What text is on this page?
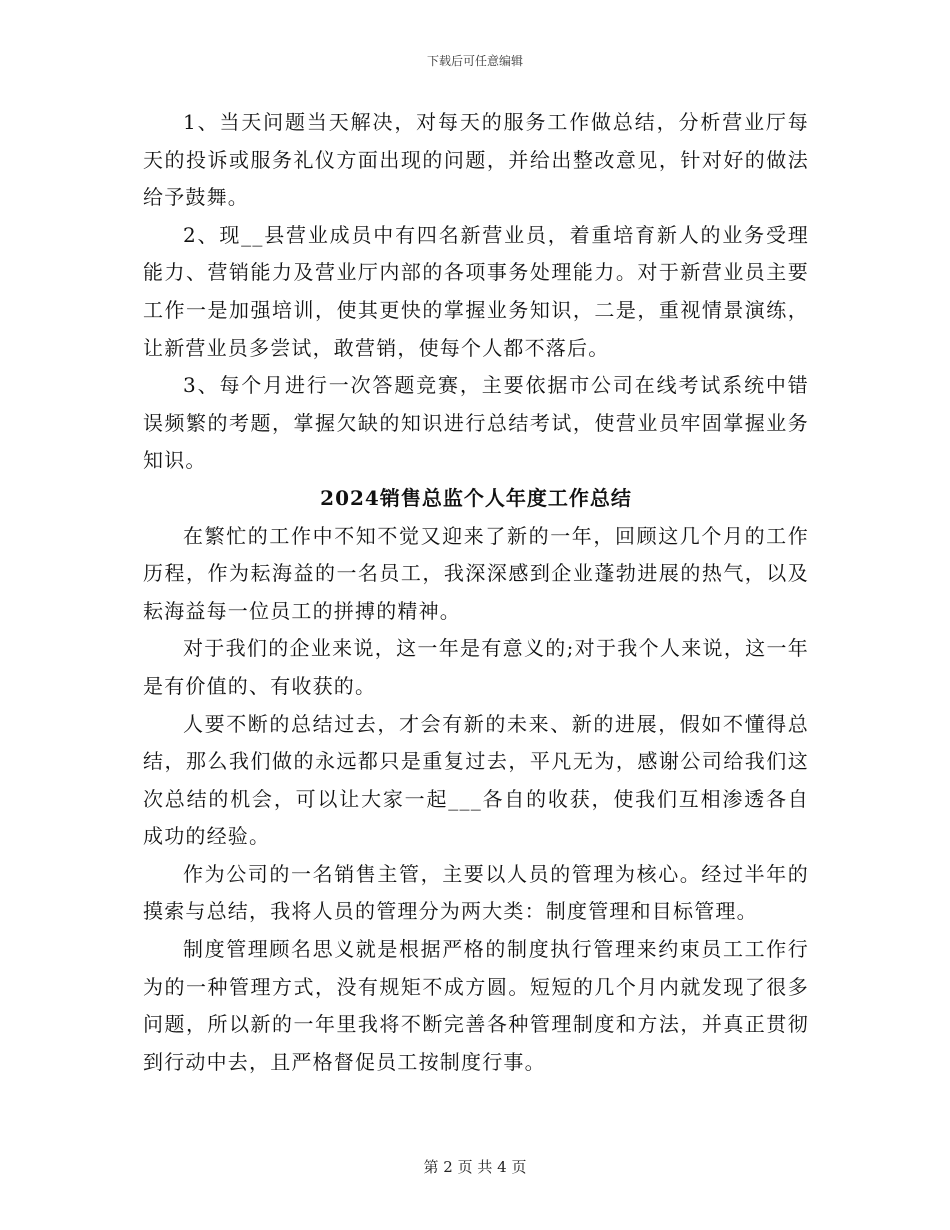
下载后可任意编辑

1、当天问题当天解决，对每天的服务工作做总结，分析营业厅每天的投诉或服务礼仪方面出现的问题，并给出整改意见，针对好的做法给予鼓舞。

2、现__县营业成员中有四名新营业员，着重培育新人的业务受理能力、营销能力及营业厅内部的各项事务处理能力。对于新营业员主要工作一是加强培训，使其更快的掌握业务知识，二是，重视情景演练，让新营业员多尝试，敢营销，使每个人都不落后。

3、每个月进行一次答题竞赛，主要依据市公司在线考试系统中错误频繁的考题，掌握欠缺的知识进行总结考试，使营业员牢固掌握业务知识。

2024销售总监个人年度工作总结

在繁忙的工作中不知不觉又迎来了新的一年，回顾这几个月的工作历程，作为耘海益的一名员工，我深深感到企业蓬勃进展的热气，以及耘海益每一位员工的拼搏的精神。

对于我们的企业来说，这一年是有意义的;对于我个人来说，这一年是有价值的、有收获的。

人要不断的总结过去，才会有新的未来、新的进展，假如不懂得总结，那么我们做的永远都只是重复过去，平凡无为，感谢公司给我们这次总结的机会，可以让大家一起___各自的收获，使我们互相渗透各自成功的经验。

作为公司的一名销售主管，主要以人员的管理为核心。经过半年的摸索与总结，我将人员的管理分为两大类：制度管理和目标管理。

制度管理顾名思义就是根据严格的制度执行管理来约束员工工作行为的一种管理方式，没有规矩不成方圆。短短的几个月内就发现了很多问题，所以新的一年里我将不断完善各种管理制度和方法，并真正贯彻到行动中去，且严格督促员工按制度行事。

第 2 页 共 4 页
